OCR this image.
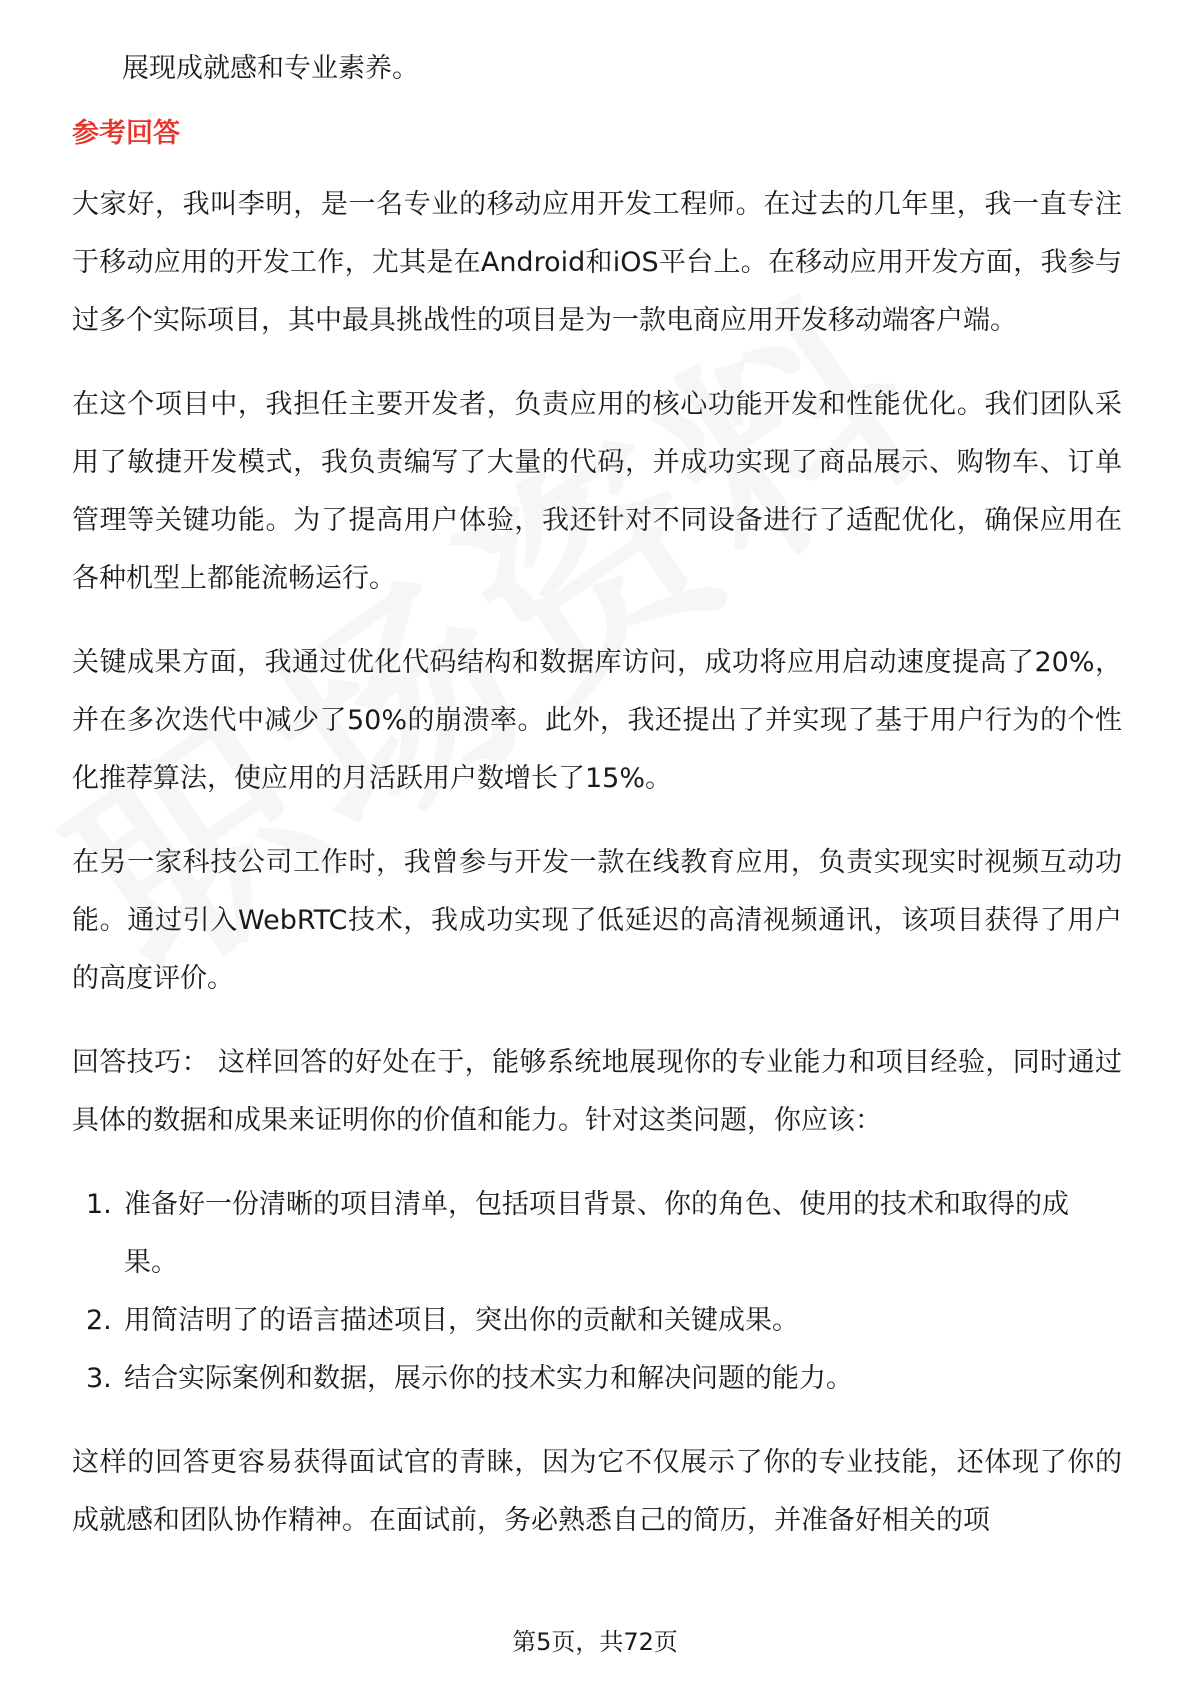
展现成就感和专业素养。

参考回答

大家好，我叫李明，是一名专业的移动应用开发工程师。在过去的几年里，我一直专注于移动应用的开发工作，尤其是在Android和iOS平台上。在移动应用开发方面，我参与过多个实际项目，其中最具挑战性的项目是为一款电商应用开发移动端客户端。

在这个项目中，我担任主要开发者，负责应用的核心功能开发和性能优化。我们团队采用了敏捷开发模式，我负责编写了大量的代码，并成功实现了商品展示、购物车、订单管理等关键功能。为了提高用户体验，我还针对不同设备进行了适配优化，确保应用在各种机型上都能流畅运行。

关键成果方面，我通过优化代码结构和数据库访问，成功将应用启动速度提高了20%，并在多次迭代中减少了50%的崩溃率。此外，我还提出了并实现了基于用户行为的个性化推荐算法，使应用的月活跃用户数增长了15%。

在另一家科技公司工作时，我曾参与开发一款在线教育应用，负责实现实时视频互动功能。通过引入WebRTC技术，我成功实现了低延迟的高清视频通讯，该项目获得了用户的高度评价。

回答技巧： 这样回答的好处在于，能够系统地展现你的专业能力和项目经验，同时通过具体的数据和成果来证明你的价值和能力。针对这类问题，你应该：

1. 准备好一份清晰的项目清单，包括项目背景、你的角色、使用的技术和取得的成果。
2. 用简洁明了的语言描述项目，突出你的贡献和关键成果。
3. 结合实际案例和数据，展示你的技术实力和解决问题的能力。

这样的回答更容易获得面试官的青睐，因为它不仅展示了你的专业技能，还体现了你的成就感和团队协作精神。在面试前，务必熟悉自己的简历，并准备好相关的项

第5页，共72页
